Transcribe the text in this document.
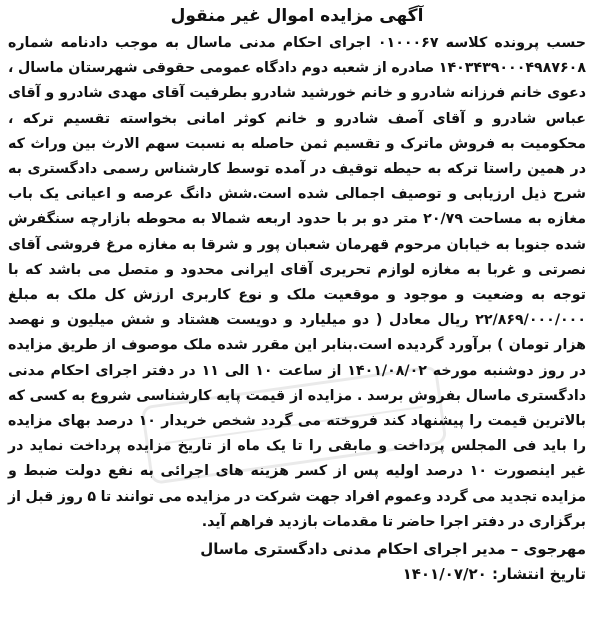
آگهی مزایده اموال غیر منقول

حسب پرونده کلاسه ۰۱۰۰۰۶۷ اجرای احکام مدنی ماسال به موجب دادنامه شماره ۱۴۰۳۴۳۹۰۰۰۴۹۸۷۶۰۸ صادره از شعبه دوم دادگاه عمومی حقوقی شهرستان ماسال ، دعوی خانم فرزانه شادرو و خانم خورشید شادرو بطرفیت آقای مهدی شادرو و آقای عباس شادرو و آقای آصف شادرو و خانم کوثر امانی بخواسته تقسیم ترکه ، محکومیت به فروش ماترک و تقسیم ثمن حاصله به نسبت سهم الارث بین وراث که در همین راستا ترکه به حیطه توقیف در آمده توسط کارشناس رسمی دادگستری به شرح ذیل ارزیابی و توصیف اجمالی شده است.شش دانگ عرصه و اعیانی یک باب مغازه به مساحت ۲۰/۷۹ متر دو بر با حدود اربعه شمالا به محوطه بازارچه سنگفرش شده جنوبا به خیابان مرحوم قهرمان شعبان پور و شرقا به مغازه مرغ فروشی آقای نصرتی و غربا به مغازه لوازم تحریری آقای ایرانی محدود و متصل می باشد که با توجه به وضعیت و موجود و موقعیت ملک و نوع کاربری ارزش کل ملک به مبلغ ۲۲/۸۶۹/۰۰۰/۰۰۰ ریال معادل ( دو میلیارد و دویست هشتاد و شش میلیون و نهصد هزار تومان ) برآورد گردیده است.بنابر این مقرر شده ملک موصوف از طریق مزایده در روز دوشنبه مورخه ۱۴۰۱/۰۸/۰۲ از ساعت ۱۰ الی ۱۱ در دفتر اجرای احکام مدنی دادگستری ماسال بفروش برسد . مزایده از قیمت پایه کارشناسی شروع به کسی که بالاترین قیمت را پیشنهاد کند فروخته می گردد شخص خریدار ۱۰ درصد بهای مزایده را باید فی المجلس پرداخت و مابقی را تا یک ماه از تاریخ مزایده پرداخت نماید در غیر اینصورت ۱۰ درصد اولیه پس از کسر هزینه های اجرائی به نفع دولت ضبط و مزایده تجدید می گردد وعموم افراد جهت شرکت در مزایده می توانند تا ۵ روز قبل از برگزاری در دفتر اجرا حاضر تا مقدمات بازدید فراهم آید.

مهرجوی – مدیر اجرای احکام مدنی دادگستری ماسال
تاریخ انتشار: ۱۴۰۱/۰۷/۲۰
